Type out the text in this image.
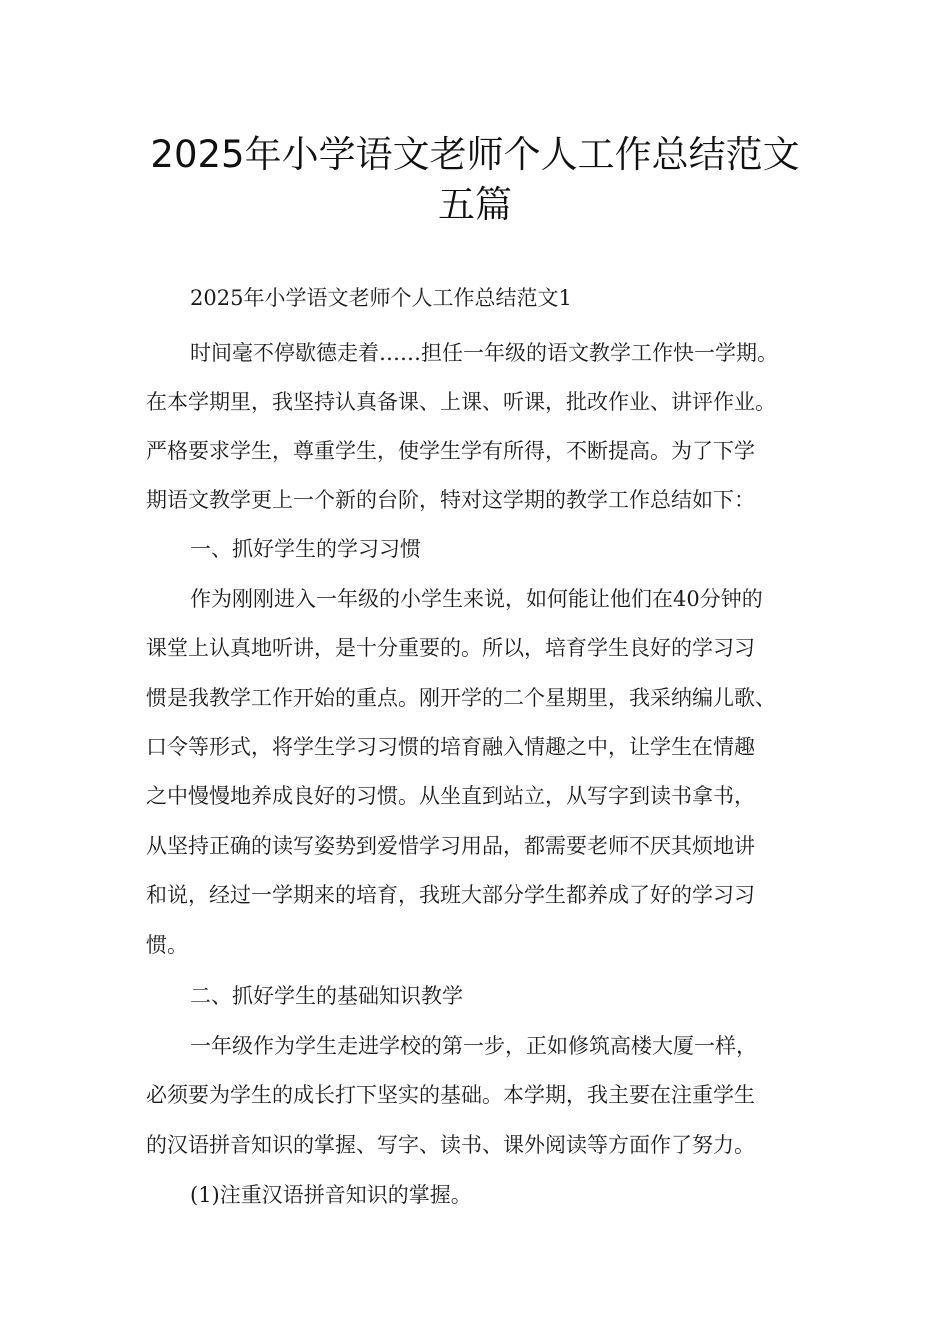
2025年小学语文老师个人工作总结范文
五篇
2025年小学语文老师个人工作总结范文1
时间毫不停歇德走着……担任一年级的语文教学工作快一学期。
在本学期里，我坚持认真备课、上课、听课，批改作业、讲评作业。
严格要求学生，尊重学生，使学生学有所得，不断提高。为了下学
期语文教学更上一个新的台阶，特对这学期的教学工作总结如下：
一、抓好学生的学习习惯
作为刚刚进入一年级的小学生来说，如何能让他们在40分钟的
课堂上认真地听讲，是十分重要的。所以，培育学生良好的学习习
惯是我教学工作开始的重点。刚开学的二个星期里，我采纳编儿歌、
口令等形式，将学生学习习惯的培育融入情趣之中，让学生在情趣
之中慢慢地养成良好的习惯。从坐直到站立，从写字到读书拿书，
从坚持正确的读写姿势到爱惜学习用品，都需要老师不厌其烦地讲
和说，经过一学期来的培育，我班大部分学生都养成了好的学习习
惯。
二、抓好学生的基础知识教学
一年级作为学生走进学校的第一步，正如修筑高楼大厦一样，
必须要为学生的成长打下坚实的基础。本学期，我主要在注重学生
的汉语拼音知识的掌握、写字、读书、课外阅读等方面作了努力。
(1)注重汉语拼音知识的掌握。
